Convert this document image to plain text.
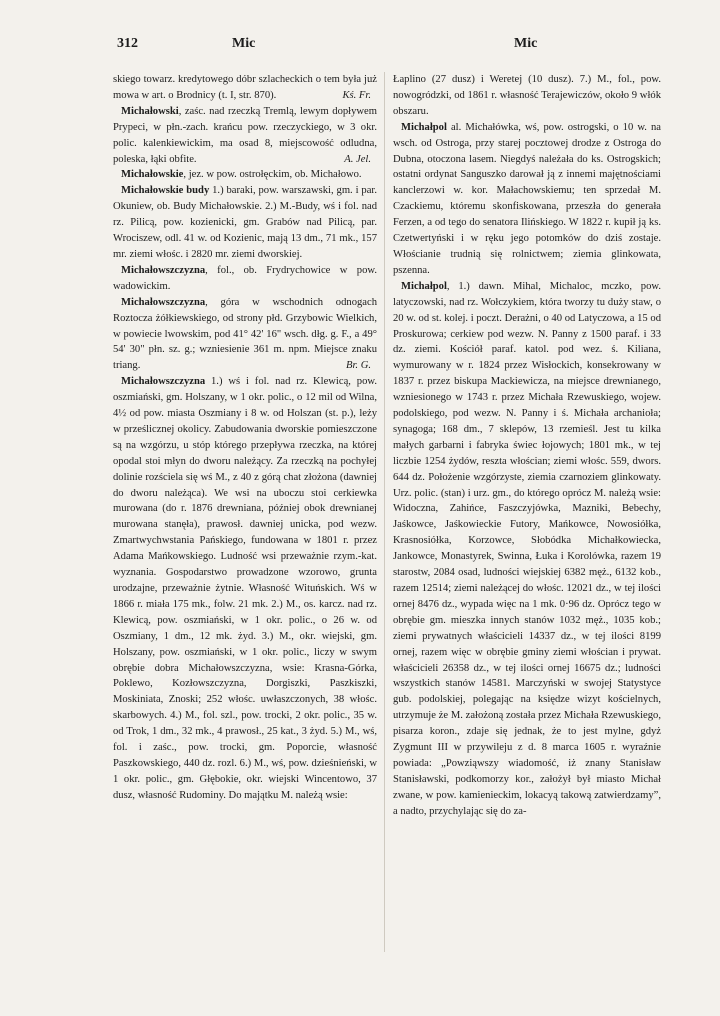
312	Mic	Mic

skiego towarz. kredytowego dóbr szlacheckich o tem była już mowa w art. o Brodnicy (t. I, str. 870).	Kś. Fr.

Michałowski, zaśc. nad rzeczką Tremlą, lewym dopływem Prypeci, w płn.-zach. krańcu pow. rzeczyckiego, w 3 okr. polic. kalenkiewickim, ma osad 8, miejscowość odludna, poleska, łąki obfite.	A. Jel.

Michałowskie, jez. w pow. ostrołęckim, ob. Michałowo.

Michałowskie budy 1.) baraki, pow. warszawski, gm. i par. Okuniew, ob. Budy Michałowskie. 2.) M.-Budy, wś i fol. nad rz. Pilicą, pow. kozienicki, gm. Grabów nad Pilicą, par. Wrociszew, odl. 41 w. od Kozienic, mają 13 dm., 71 mk., 157 mr. ziemi włośc. i 2820 mr. ziemi dworskiej.

Michałowszczyzna, fol., ob. Frydrychowice w pow. wadowickim.

Michałowszczyzna, góra w wschodnich odnogach Roztocza żółkiewskiego, od strony płd. Grzybowic Wielkich, w powiecie lwowskim, pod 41° 42' 16" wsch. dłg. g. F., a 49° 54' 30" płn. sz. g.; wzniesienie 361 m. npm. Miejsce znaku triang.	Br. G.

Michałowszczyzna 1.) wś i fol. nad rz. Klewicą, pow. oszmiański, gm. Holszany, w 1 okr. polic., o 12 mil od Wilna, 4½ od pow. miasta Oszmiany i 8 w. od Holszan (st. p.), leży w prześlicznej okolicy. Zabudowania dworskie pomieszczone są na wzgórzu, u stóp którego przepływa rzeczka, na której opodal stoi młyn do dworu należący. Za rzeczką na pochyłej dolinie rozściela się wś M., z 40 z górą chat złożona (dawniej do dworu należąca). We wsi na uboczu stoi cerkiewka murowana (do r. 1876 drewniana, później obok drewnianej murowana stanęła), prawosł. dawniej unicka, pod wezw. Zmartwychwstania Pańskiego, fundowana w 1801 r. przez Adama Mańkowskiego. Ludność wsi przeważnie rzym.-kat. wyznania. Gospodarstwo prowadzone wzorowo, grunta urodzajne, przeważnie żytnie. Własność Wituńskich. Wś w 1866 r. miała 175 mk., folw. 21 mk. 2.) M., os. karcz. nad rz. Klewicą, pow. oszmiański, w 1 okr. polic., o 26 w. od Oszmiany, 1 dm., 12 mk. żyd. 3.) M., okr. wiejski, gm. Holszany, pow. oszmiański, w 1 okr. polic., liczy w swym obrębie dobra Michałowszczyzna, wsie: Krasna-Górka, Poklewo, Kozłowszczyzna, Dorgiszki, Paszkiszki, Moskiniata, Znoski; 252 włośc. uwłaszczonych, 38 włośc. skarbowych. 4.) M., fol. szl., pow. trocki, 2 okr. polic., 35 w. od Trok, 1 dm., 32 mk., 4 prawosł., 25 kat., 3 żyd. 5.) M., wś, fol. i zaśc., pow. trocki, gm. Poporcie, własność Paszkowskiego, 440 dz. rozl. 6.) M., wś, pow. dzieśnieński, w 1 okr. polic., gm. Głębokie, okr. wiejski Wincentowo, 37 dusz, własność Rudominy. Do majątku M. należą wsie:

Łaplino (27 dusz) i Weretej (10 dusz). 7.) M., fol., pow. nowogródzki, od 1861 r. własność Terajewiczów, około 9 włók obszaru.

Michałpol al. Michałówka, wś, pow. ostrogski, o 10 w. na wsch. od Ostroga, przy starej pocztowej drodze z Ostroga do Dubna, otoczona lasem. Niegdyś należała do ks. Ostrogskich; ostatni ordynat Sanguszko darował ją z innemi majętnościami kanclerzowi w. kor. Małachowskiemu; ten sprzedał M. Czackiemu, któremu skonfiskowana, przeszła do generała Ferzen, a od tego do senatora Ilińskiego. W 1822 r. kupił ją ks. Czetwertyński i w ręku jego potomków do dziś zostaje. Włościanie trudnią się rolnictwem; ziemia glinkowata, pszenna.

Michałpol, 1.) dawn. Mihal, Michaloc, mczko, pow. latyczowski, nad rz. Wołczykiem, która tworzy tu duży staw, o 20 w. od st. kolej. i poczt. Derażni, o 40 od Latyczowa, a 15 od Proskurowa; cerkiew pod wezw. N. Panny z 1500 paraf. i 33 dz. ziemi. Kościół paraf. katol. pod wez. ś. Kiliana, wymurowany w r. 1824 przez Wisłockich, konsekrowany w 1837 r. przez biskupa Mackiewicza, na miejsce drewnianego, wzniesionego w 1743 r. przez Michała Rzewuskiego, wojew. podolskiego, pod wezw. N. Panny i ś. Michała archanioła; synagoga; 168 dm., 7 sklepów, 13 rzemieśl. Jest tu kilka małych garbarni i fabryka świec łojowych; 1801 mk., w tej liczbie 1254 żydów, reszta włościan; ziemi włośc. 559, dwors. 644 dz. Położenie wzgórzyste, ziemia czarnoziem glinkowaty. Urz. polic. (stan) i urz. gm., do którego oprócz M. należą wsie: Widoczna, Zahińce, Faszczyjówka, Mazniki, Bebechy, Jaśkowce, Jaśkowieckie Futory, Mańkowce, Nowosiółka, Krasnosiółka, Korzowce, Słobódka Michałkowiecka, Jankowce, Monastyrek, Swinna, Łuka i Korolówka, razem 19 starostw, 2084 osad, ludności wiejskiej 6382 męż., 6132 kob., razem 12514; ziemi należącej do włośc. 12021 dz., w tej ilości ornej 8476 dz., wypada więc na 1 mk. 0·96 dz. Oprócz tego w obrębie gm. mieszka innych stanów 1032 męż., 1035 kob.; ziemi prywatnych właścicieli 14337 dz., w tej ilości 8199 ornej, razem więc w obrębie gminy ziemi włościan i prywat. właścicieli 26358 dz., w tej ilości ornej 16675 dz.; ludności wszystkich stanów 14581. Marczyński w swojej Statystyce gub. podolskiej, polegając na księdze wizyt kościelnych, utrzymuje że M. założoną została przez Michała Rzewuskiego, pisarza koron., zdaje się jednak, że to jest mylne, gdyż Zygmunt III w przywileju z d. 8 marca 1605 r. wyraźnie powiada: „Powziąwszy wiadomość, iż znany Stanisław Stanisławski, podkomorzy kor., założył był miasto Michał zwane, w pow. kamienieckim, lokacyą takową zatwierdzamy”, a nadto, przychylając się do za-
